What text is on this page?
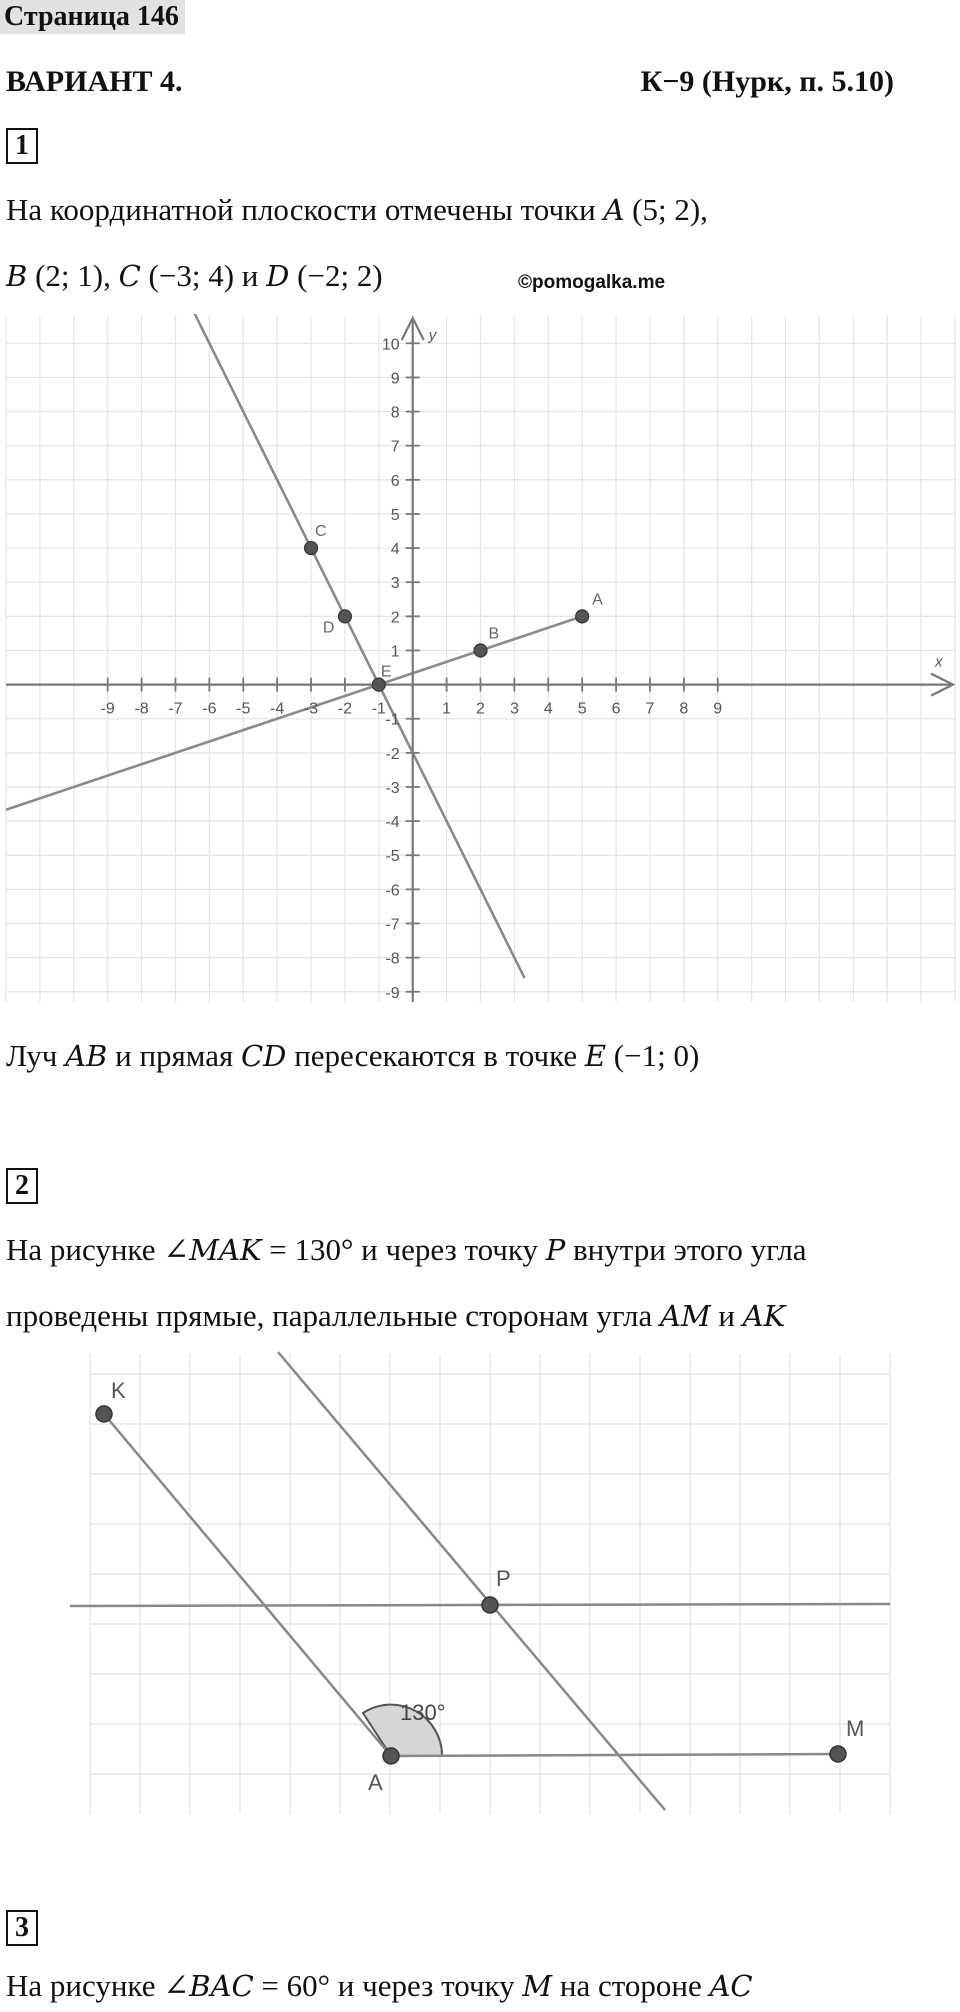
Страница 146
ВАРИАНТ 4.	К−9 (Нурк, п. 5.10)
1
На координатной плоскости отмечены точки A (5; 2),
B (2; 1), C (−3; 4) и D (−2; 2)	©pomogalka.me
x
y
-9 -8 -7 -6 -5 -4 -3 -2 -1	1 2 3 4 5 6 7 8 9
10
9
8
7
6
5
4
3
2
1
-1
-2
-3
-4
-5
-6
-7
-8
-9
A
B
C
D
E
Луч AB и прямая CD пересекаются в точке E (−1; 0)
2
На рисунке ∠MAK = 130° и через точку P внутри этого угла
проведены прямые, параллельные сторонам угла AM и AK
K
P
A
M
130°
3
На рисунке ∠BAC = 60° и через точку M на стороне AC
